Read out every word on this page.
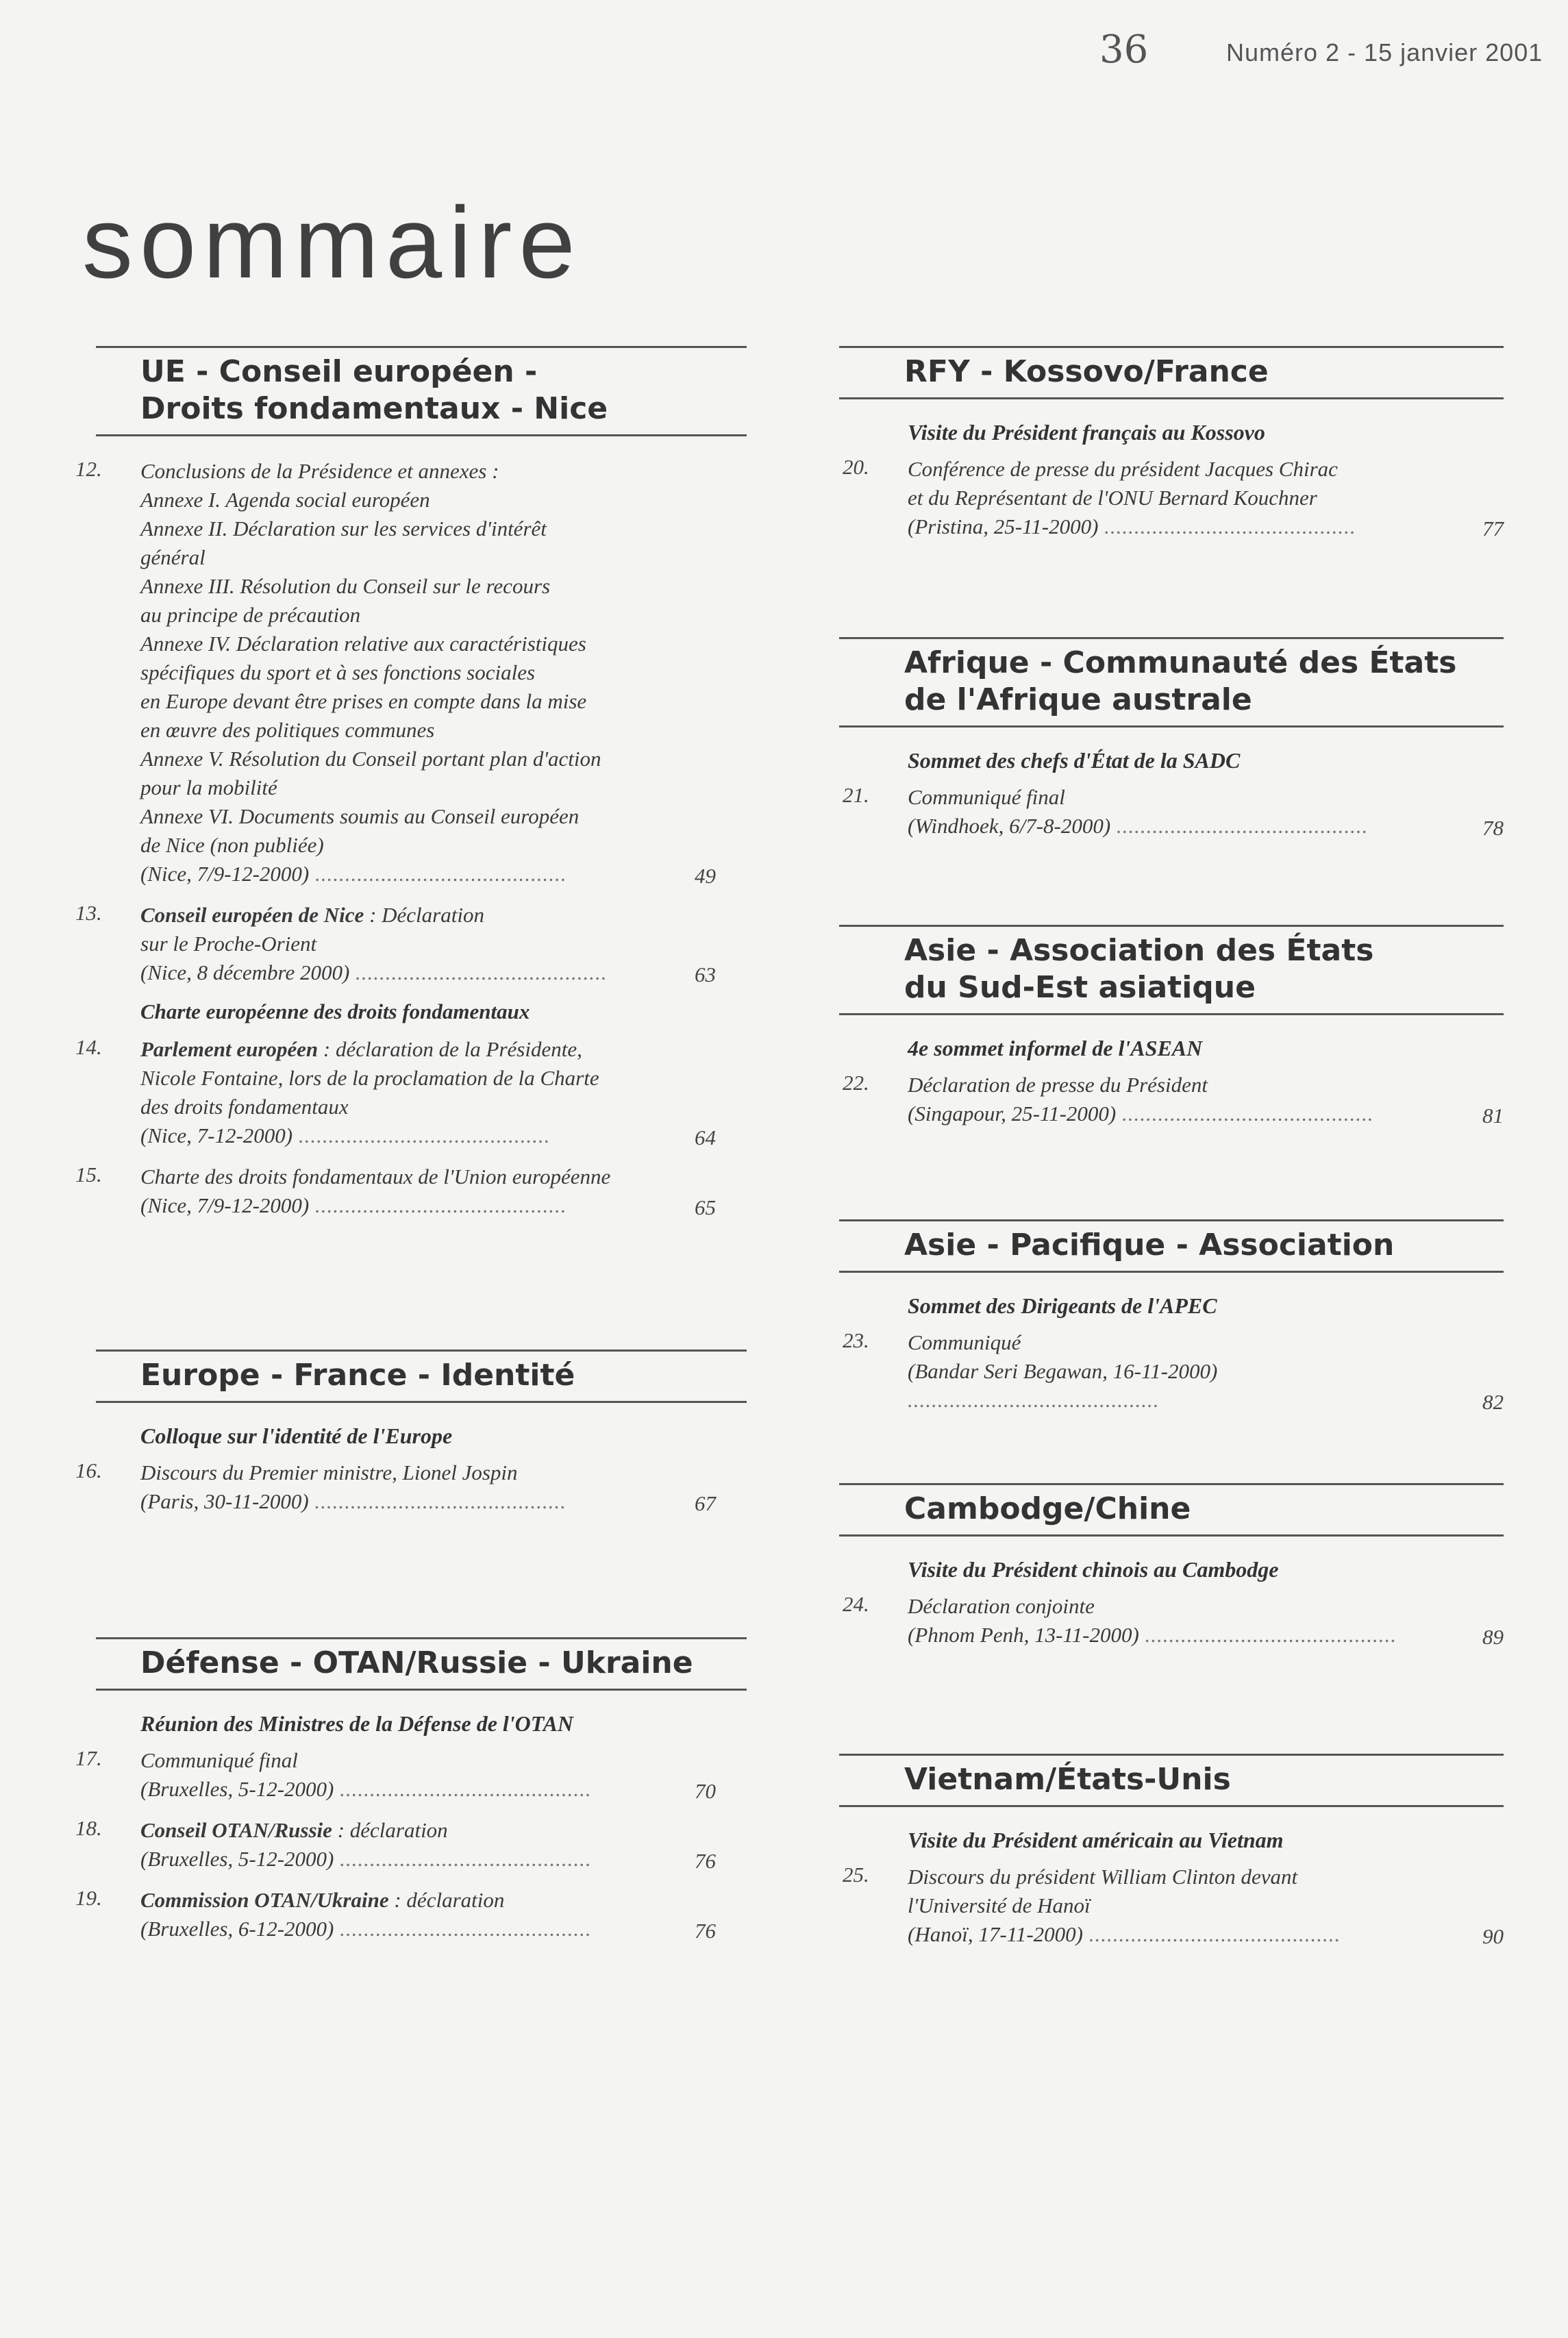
36	Numéro 2 - 15 janvier 2001
sommaire
UE - Conseil européen -
Droits fondamentaux - Nice
12. Conclusions de la Présidence et annexes :
Annexe I. Agenda social européen
Annexe II. Déclaration sur les services d'intérêt
général
Annexe III. Résolution du Conseil sur le recours
au principe de précaution
Annexe IV. Déclaration relative aux caractéristiques
spécifiques du sport et à ses fonctions sociales
en Europe devant être prises en compte dans la mise
en œuvre des politiques communes
Annexe V. Résolution du Conseil portant plan d'action
pour la mobilité
Annexe VI. Documents soumis au Conseil européen
de Nice (non publiée)
(Nice, 7/9-12-2000) ..........................................	49
13. Conseil européen de Nice : Déclaration
sur le Proche-Orient
(Nice, 8 décembre 2000) ..........................................	63
Charte européenne des droits fondamentaux
14. Parlement européen : déclaration de la Présidente,
Nicole Fontaine, lors de la proclamation de la Charte
des droits fondamentaux
(Nice, 7-12-2000) ..........................................	64
15. Charte des droits fondamentaux de l'Union européenne
(Nice, 7/9-12-2000) ..........................................	65
Europe - France - Identité
Colloque sur l'identité de l'Europe
16. Discours du Premier ministre, Lionel Jospin
(Paris, 30-11-2000) ..........................................	67
Défense - OTAN/Russie - Ukraine
Réunion des Ministres de la Défense de l'OTAN
17. Communiqué final
(Bruxelles, 5-12-2000) ..........................................	70
18. Conseil OTAN/Russie : déclaration
(Bruxelles, 5-12-2000) ..........................................	76
19. Commission OTAN/Ukraine : déclaration
(Bruxelles, 6-12-2000) ..........................................	76
RFY - Kossovo/France
Visite du Président français au Kossovo
20. Conférence de presse du président Jacques Chirac
et du Représentant de l'ONU Bernard Kouchner
(Pristina, 25-11-2000) ..........................................	77
Afrique - Communauté des États
de l'Afrique australe
Sommet des chefs d'État de la SADC
21. Communiqué final
(Windhoek, 6/7-8-2000) ..........................................	78
Asie - Association des États
du Sud-Est asiatique
4e sommet informel de l'ASEAN
22. Déclaration de presse du Président
(Singapour, 25-11-2000) ..........................................	81
Asie - Pacifique - Association
Sommet des Dirigeants de l'APEC
23. Communiqué
(Bandar Seri Begawan, 16-11-2000) ..........................................	82
Cambodge/Chine
Visite du Président chinois au Cambodge
24. Déclaration conjointe
(Phnom Penh, 13-11-2000) ..........................................	89
Vietnam/États-Unis
Visite du Président américain au Vietnam
25. Discours du président William Clinton devant
l'Université de Hanoï
(Hanoï, 17-11-2000) ..........................................	90
